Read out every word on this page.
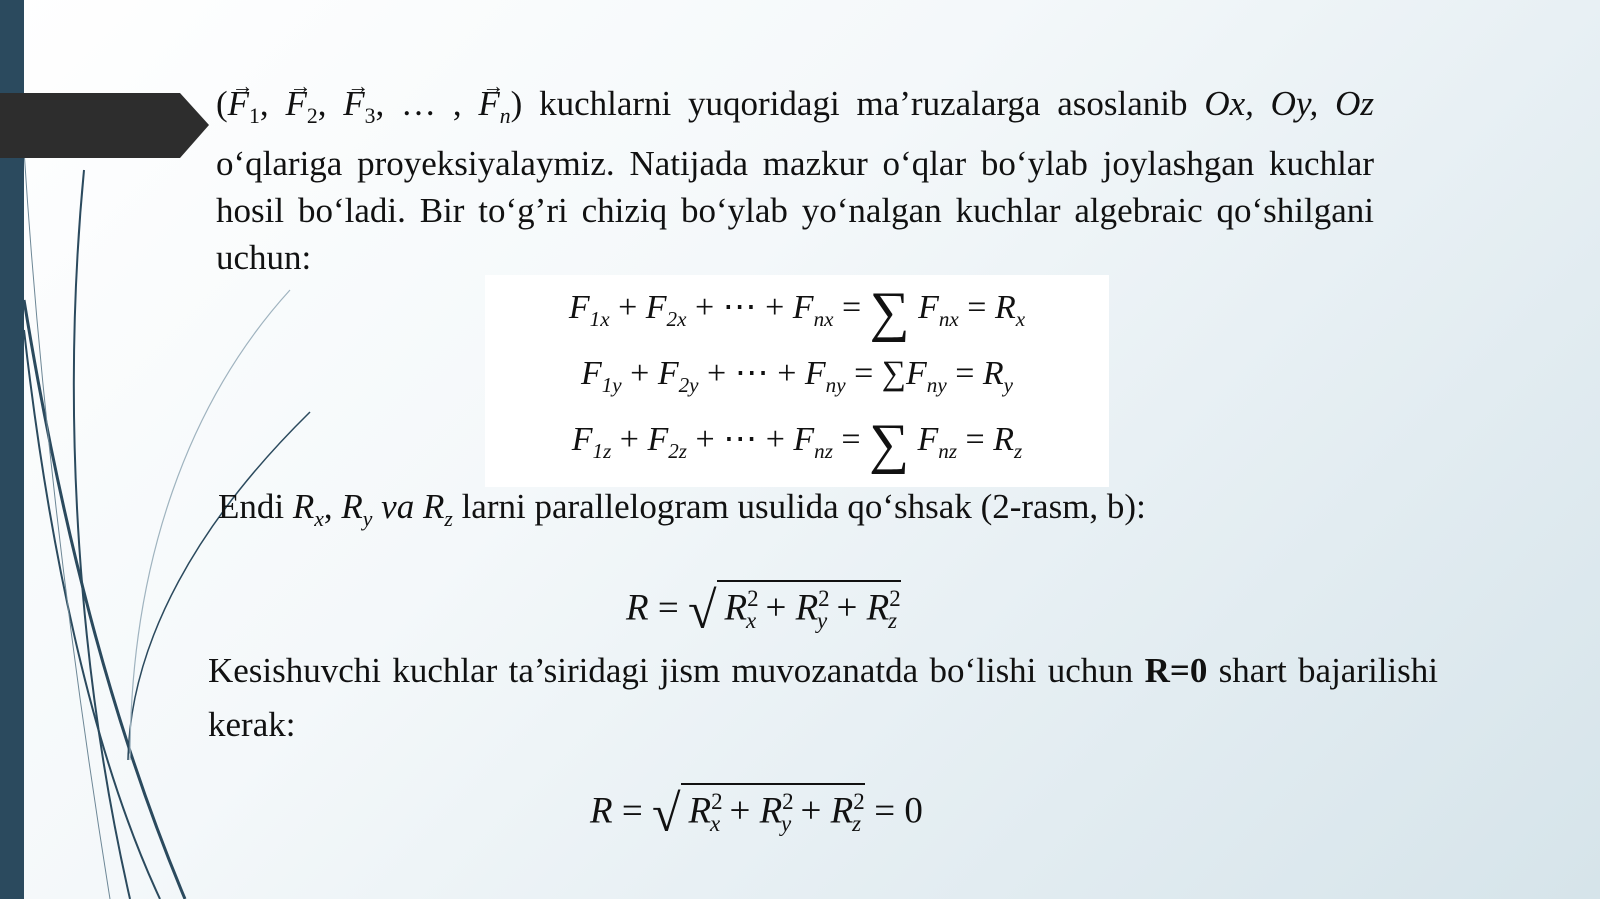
(→ $F_1$, → $F_2$, → $F_3$, … , → $F_n$) kuchlarni yuqoridagi ma’ruzalarga asoslanib Ox, Oy, Oz o‘qlariga proyeksiyalaymiz. Natijada mazkur o‘qlar bo‘ylab joylashgan kuchlar hosil bo‘ladi. Bir to‘g’ri chiziq bo‘ylab yo‘nalgan kuchlar algebraic qo‘shilgani uchun:
$F_{1x} + F_{2x}$ + ⋯ + $F_{nx}$ = ∑ $F_{nx} = R_x$
$F_{1y} + F_{2y}$ + ⋯ + $F_{ny} = \sum F_{ny} = R_y$
$F_{1z} + F_{2z}$ + ⋯ + $F_{nz}$ = ∑ $F_{nz} = R_z$
Endi $R_x$, $R_y$ va $R_z$ larni parallelogram usulida qo‘shsak (2-rasm, b):
R = √ $R^2_x + R^2_y + R^2_z$
Kesishuvchi kuchlar ta’siridagi jism muvozanatda bo‘lishi uchun R=0 shart bajarilishi kerak:
R = √ $R^2_x + R^2_y + R^2_z = 0$
